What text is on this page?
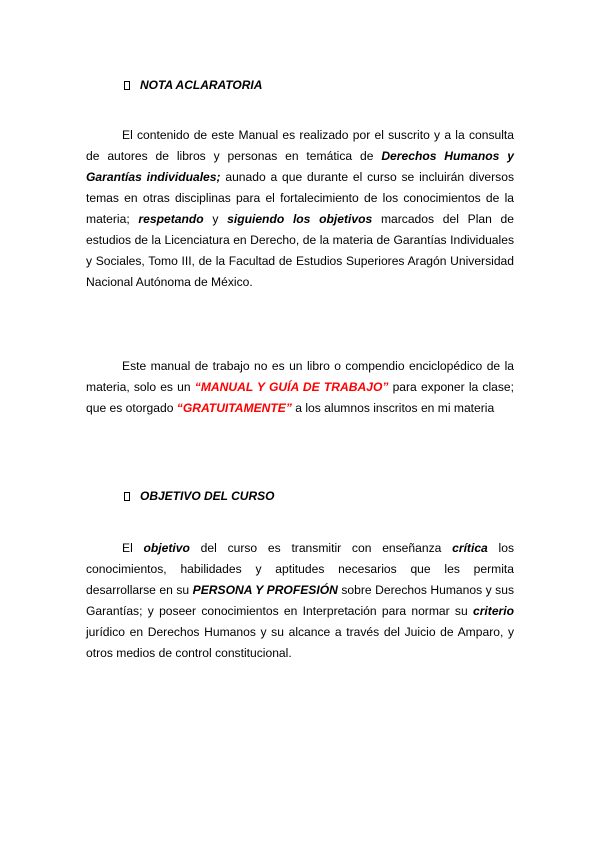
NOTA ACLARATORIA

El contenido de este Manual es realizado por el suscrito y a la consulta de autores de libros y personas en temática de Derechos Humanos y Garantías individuales; aunado a que durante el curso se incluirán diversos temas en otras disciplinas para el fortalecimiento de los conocimientos de la materia; respetando y siguiendo los objetivos marcados del Plan de estudios de la Licenciatura en Derecho, de la materia de Garantías Individuales y Sociales, Tomo III, de la Facultad de Estudios Superiores Aragón Universidad Nacional Autónoma de México.

Este manual de trabajo no es un libro o compendio enciclopédico de la materia, solo es un “MANUAL Y GUÍA DE TRABAJO” para exponer la clase; que es otorgado “GRATUITAMENTE” a los alumnos inscritos en mi materia

OBJETIVO DEL CURSO

El objetivo del curso es transmitir con enseñanza crítica los conocimientos, habilidades y aptitudes necesarios que les permita desarrollarse en su PERSONA Y PROFESIÓN sobre Derechos Humanos y sus Garantías; y poseer conocimientos en Interpretación para normar su criterio jurídico en Derechos Humanos y su alcance a través del Juicio de Amparo, y otros medios de control constitucional.
